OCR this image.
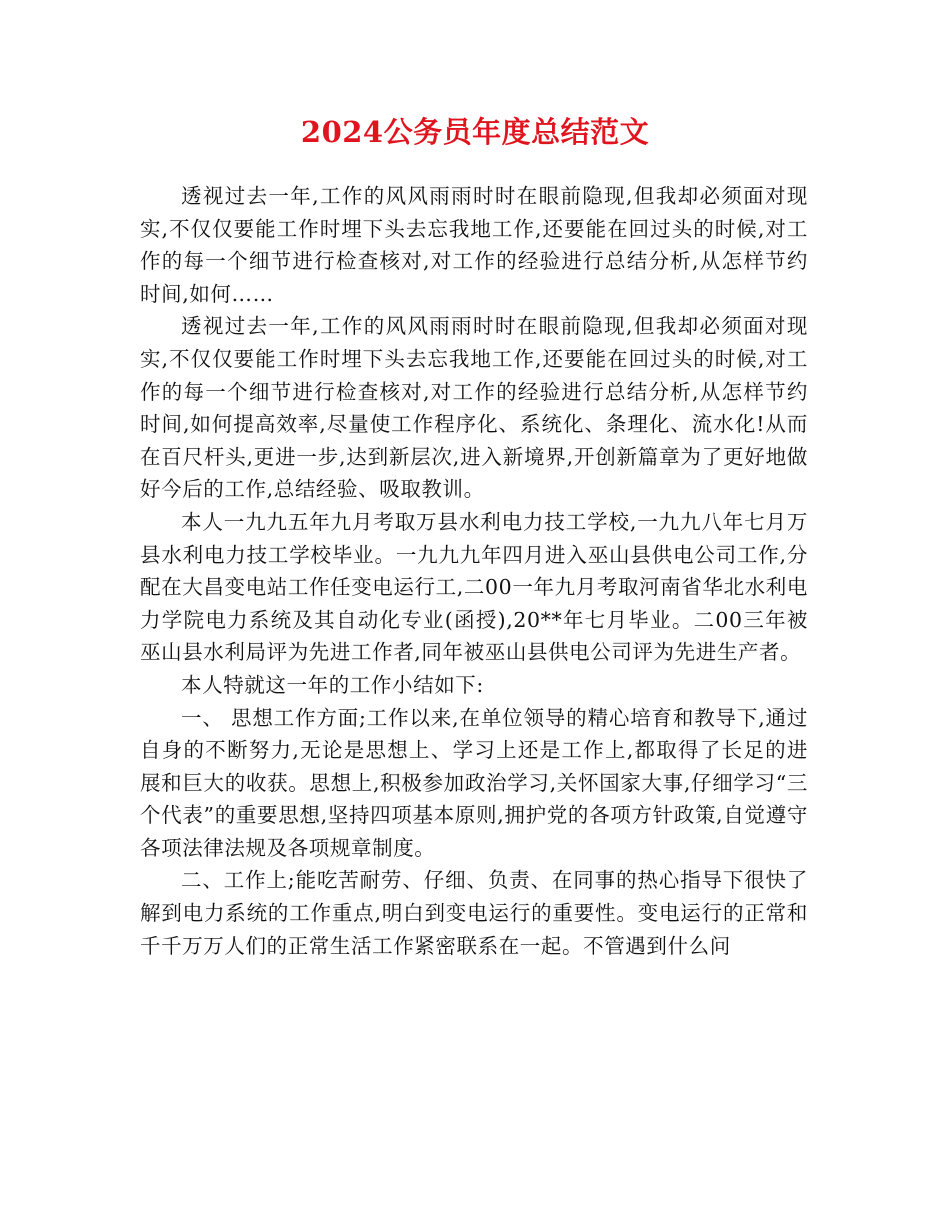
2024公务员年度总结范文

透视过去一年,工作的风风雨雨时时在眼前隐现,但我却必须面对现实,不仅仅要能工作时埋下头去忘我地工作,还要能在回过头的时候,对工作的每一个细节进行检查核对,对工作的经验进行总结分析,从怎样节约时间,如何……

透视过去一年,工作的风风雨雨时时在眼前隐现,但我却必须面对现实,不仅仅要能工作时埋下头去忘我地工作,还要能在回过头的时候,对工作的每一个细节进行检查核对,对工作的经验进行总结分析,从怎样节约时间,如何提高效率,尽量使工作程序化、系统化、条理化、流水化!从而在百尺杆头,更进一步,达到新层次,进入新境界,开创新篇章为了更好地做好今后的工作,总结经验、吸取教训。

本人一九九五年九月考取万县水利电力技工学校,一九九八年七月万县水利电力技工学校毕业。一九九九年四月进入巫山县供电公司工作,分配在大昌变电站工作任变电运行工,二00一年九月考取河南省华北水利电力学院电力系统及其自动化专业(函授),20**年七月毕业。二00三年被巫山县水利局评为先进工作者,同年被巫山县供电公司评为先进生产者。

本人特就这一年的工作小结如下:

一、 思想工作方面;工作以来,在单位领导的精心培育和教导下,通过自身的不断努力,无论是思想上、学习上还是工作上,都取得了长足的进展和巨大的收获。思想上,积极参加政治学习,关怀国家大事,仔细学习“三个代表”的重要思想,坚持四项基本原则,拥护党的各项方针政策,自觉遵守各项法律法规及各项规章制度。

二、工作上;能吃苦耐劳、仔细、负责、在同事的热心指导下很快了解到电力系统的工作重点,明白到变电运行的重要性。变电运行的正常和千千万万人们的正常生活工作紧密联系在一起。不管遇到什么问
